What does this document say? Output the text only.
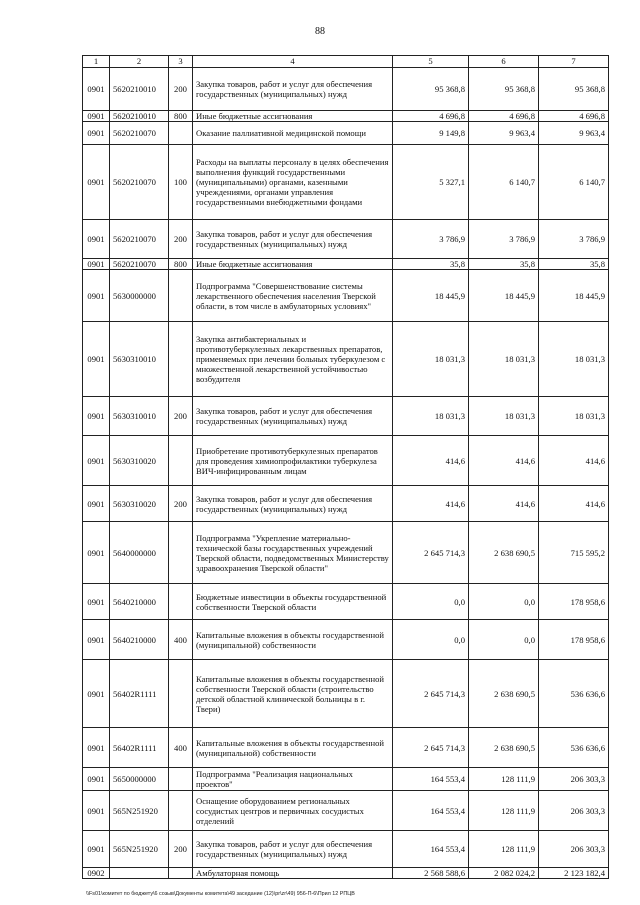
88
1	2	3	4	5	6	7
0901	5620210010	200	Закупка товаров, работ и услуг для обеспечения государственных (муниципальных) нужд	95 368,8	95 368,8	95 368,8
0901	5620210010	800	Иные бюджетные ассигнования	4 696,8	4 696,8	4 696,8
0901	5620210070		Оказание паллиативной медицинской помощи	9 149,8	9 963,4	9 963,4
0901	5620210070	100	Расходы на выплаты персоналу в целях обеспечения выполнения функций государственными (муниципальными) органами, казенными учреждениями, органами управления государственными внебюджетными фондами	5 327,1	6 140,7	6 140,7
0901	5620210070	200	Закупка товаров, работ и услуг для обеспечения государственных (муниципальных) нужд	3 786,9	3 786,9	3 786,9
0901	5620210070	800	Иные бюджетные ассигнования	35,8	35,8	35,8
0901	5630000000		Подпрограмма "Совершенствование системы лекарственного обеспечения населения Тверской области, в том числе в амбулаторных условиях"	18 445,9	18 445,9	18 445,9
0901	5630310010		Закупка антибактериальных и противотуберкулезных лекарственных препаратов, применяемых при лечении больных туберкулезом с множественной лекарственной устойчивостью возбудителя	18 031,3	18 031,3	18 031,3
0901	5630310010	200	Закупка товаров, работ и услуг для обеспечения государственных (муниципальных) нужд	18 031,3	18 031,3	18 031,3
0901	5630310020		Приобретение противотуберкулезных препаратов для проведения химиопрофилактики туберкулеза ВИЧ-инфицированным лицам	414,6	414,6	414,6
0901	5630310020	200	Закупка товаров, работ и услуг для обеспечения государственных (муниципальных) нужд	414,6	414,6	414,6
0901	5640000000		Подпрограмма "Укрепление материально-технической базы государственных учреждений Тверской области, подведомственных Министерству здравоохранения Тверской области"	2 645 714,3	2 638 690,5	715 595,2
0901	5640210000		Бюджетные инвестиции в объекты государственной собственности Тверской области	0,0	0,0	178 958,6
0901	5640210000	400	Капитальные вложения в объекты государственной (муниципальной) собственности	0,0	0,0	178 958,6
0901	56402R1111		Капитальные вложения в объекты государственной собственности Тверской области (строительство детской областной клинической больницы в г. Твери)	2 645 714,3	2 638 690,5	536 636,6
0901	56402R1111	400	Капитальные вложения в объекты государственной (муниципальной) собственности	2 645 714,3	2 638 690,5	536 636,6
0901	5650000000		Подпрограмма "Реализация национальных проектов"	164 553,4	128 111,9	206 303,3
0901	565N251920		Оснащение оборудованием региональных сосудистых центров и первичных сосудистых отделений	164 553,4	128 111,9	206 303,3
0901	565N251920	200	Закупка товаров, работ и услуг для обеспечения государственных (муниципальных) нужд	164 553,4	128 111,9	206 303,3
0902			Амбулаторная помощь	2 568 588,6	2 082 024,2	2 123 182,4
\\Fs01\комитет по бюджету\6 созыв\Документы комитета\49 заседание (12)\pr\zr\49) 956-П-6\Прил 12 РПЦВ
